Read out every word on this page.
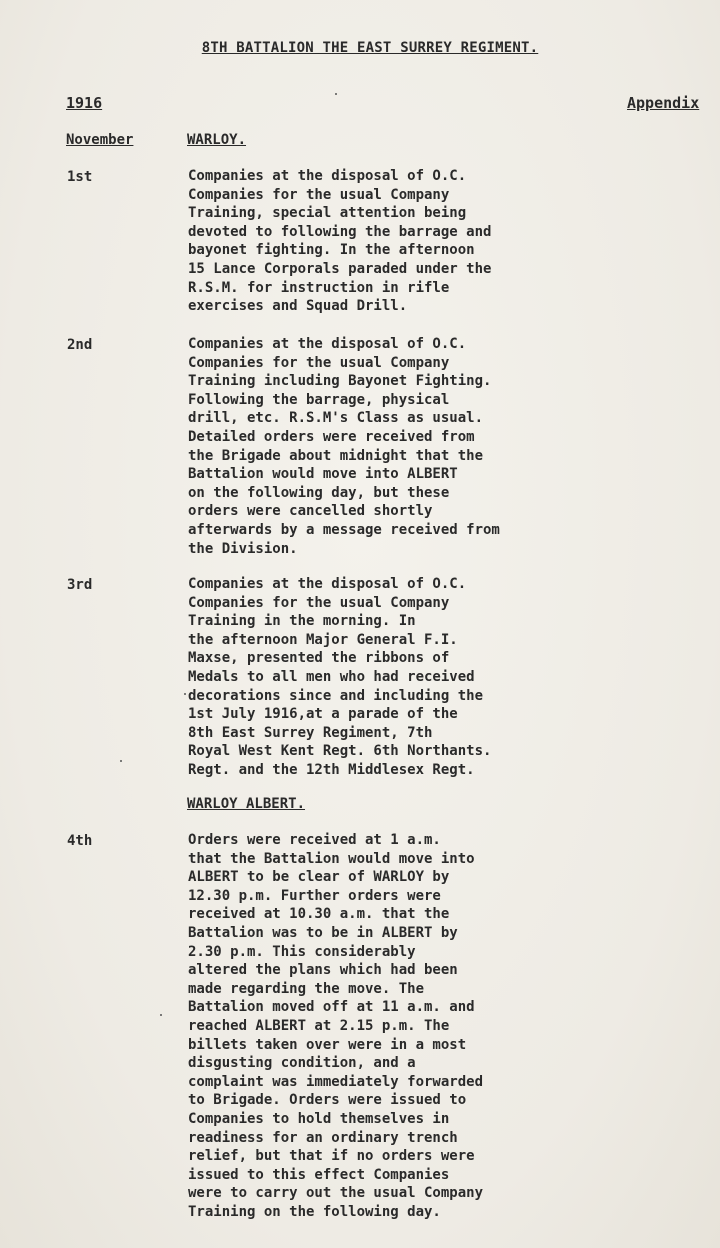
8TH BATTALION THE EAST SURREY REGIMENT.
1916	Appendix
November	WARLOY.
1st	Companies at the disposal of O.C.
Companies for the usual Company
Training, special attention being
devoted to following the barrage and
bayonet fighting. In the afternoon
15 Lance Corporals paraded under the
R.S.M. for instruction in rifle
exercises and Squad Drill.
2nd	Companies at the disposal of O.C.
Companies for the usual Company
Training including Bayonet Fighting.
Following the barrage, physical
drill, etc. R.S.M's Class as usual.
Detailed orders were received from
the Brigade about midnight that the
Battalion would move into ALBERT
on the following day, but these
orders were cancelled shortly
afterwards by a message received from
the Division.
3rd	Companies at the disposal of O.C.
Companies for the usual Company
Training in the morning. In
the afternoon Major General F.I.
Maxse, presented the ribbons of
Medals to all men who had received
decorations since and including the
1st July 1916,at a parade of the
8th East Surrey Regiment, 7th
Royal West Kent Regt. 6th Northants.
Regt. and the 12th Middlesex Regt.
WARLOY ALBERT.
4th	Orders were received at 1 a.m.
that the Battalion would move into
ALBERT to be clear of WARLOY by
12.30 p.m. Further orders were
received at 10.30 a.m. that the
Battalion was to be in ALBERT by
2.30 p.m. This considerably
altered the plans which had been
made regarding the move. The
Battalion moved off at 11 a.m. and
reached ALBERT at 2.15 p.m. The
billets taken over were in a most
disgusting condition, and a
complaint was immediately forwarded
to Brigade. Orders were issued to
Companies to hold themselves in
readiness for an ordinary trench
relief, but that if no orders were
issued to this effect Companies
were to carry out the usual Company
Training on the following day.
